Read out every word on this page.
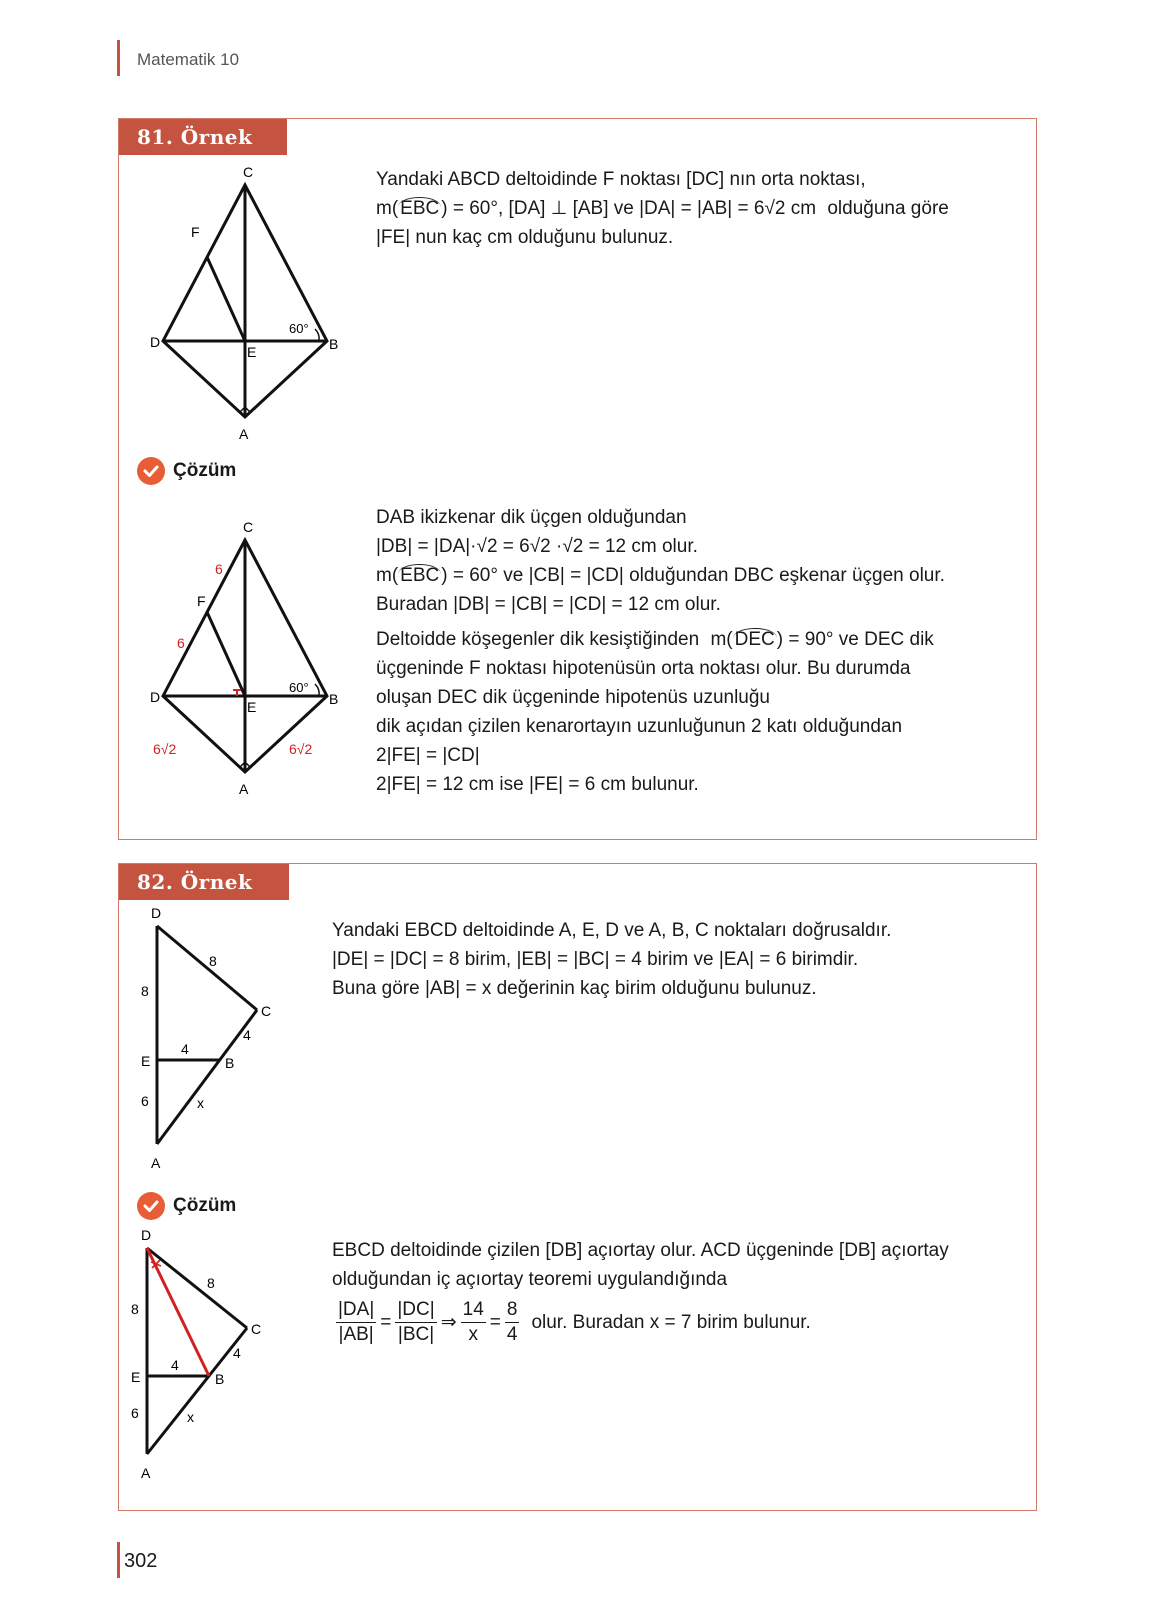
Matematik 10
81. Örnek
C
F
D
E	B
A
60°
Yandaki ABCD deltoidinde F noktası [DC] nın orta noktası,
m( EBC ) = 60°, [DA] ⊥ [AB] ve |DA| = |AB| = 6√2 cm olduğuna göre
|FE| nun kaç cm olduğunu bulunuz.
Çözüm
C
F
D
E	B
A
60°
6
6
6√2	6√2
DAB ikizkenar dik üçgen olduğundan
|DB| = |DA|·√2 = 6√2 ·√2 = 12 cm olur.
m( EBC ) = 60° ve |CB| = |CD| olduğundan DBC eşkenar üçgen olur.
Buradan |DB| = |CB| = |CD| = 12 cm olur.
Deltoidde köşegenler dik kesiştiğinden m( DEC ) = 90° ve DEC dik
üçgeninde F noktası hipotenüsün orta noktası olur. Bu durumda
oluşan DEC dik üçgeninde hipotenüs uzunluğu
dik açıdan çizilen kenarortayın uzunluğunun 2 katı olduğundan
2|FE| = |CD|
2|FE| = 12 cm ise |FE| = 6 cm bulunur.
82. Örnek
D
C
E	B
A
8
8
4
4
6	x
Yandaki EBCD deltoidinde A, E, D ve A, B, C noktaları doğrusaldır.
|DE| = |DC| = 8 birim, |EB| = |BC| = 4 birim ve |EA| = 6 birimdir.
Buna göre |AB| = x değerinin kaç birim olduğunu bulunuz.
Çözüm
D
C
E	B
A
8
8
4
4
6	x
EBCD deltoidinde çizilen [DB] açıortay olur. ACD üçgeninde [DB] açıortay
olduğundan iç açıortay teoremi uygulandığında
$\frac{|DA|}{|AB|} = \frac{|DC|}{|BC|}$ ⇒ $\frac{14}{x} = \frac{8}{4}$ olur. Buradan x = 7 birim bulunur.
302
